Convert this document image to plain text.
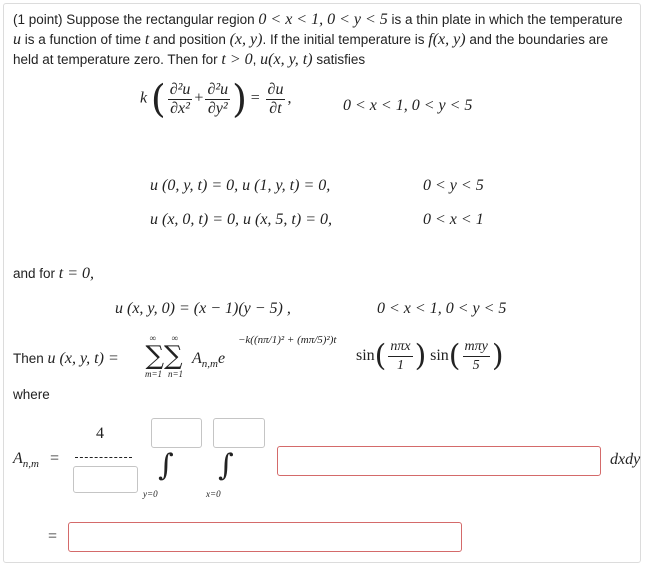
(1 point) Suppose the rectangular region 0 < x < 1, 0 < y < 5 is a thin plate in which the temperature u is a function of time t and position (x, y). If the initial temperature is f(x, y) and the boundaries are held at temperature zero. Then for t > 0, u(x, y, t) satisfies
k ( $\frac{\text{∂²u}}{\text{∂x²}} + \frac{\text{∂²u}}{\text{∂y²}}$ ) = $\frac{\partial u}{\partial t}$ ,	0 < x < 1, 0 < y < 5
u (0, y, t) = 0, u (1, y, t) = 0,	0 < y < 5
u (x, 0, t) = 0, u (x, 5, t) = 0,	0 < x < 1
and for t = 0,
u (x, y, 0) = (x − 1)(y − 5) ,	0 < x < 1, 0 < y < 5
Then u (x, y, t) =
∞ ∞
∑∑
m=1 n=1
$A_{n,m}e$
−k((nπ/1)² + (mπ/5)²)t
$\sin( \frac{\text{nπx}}{1}$ ) $\sin( \frac{\text{mπy}}{5}$ )
where
$A_{n,m}$ =
4
∫ ∫
y=0	x=0
dxdy
=
